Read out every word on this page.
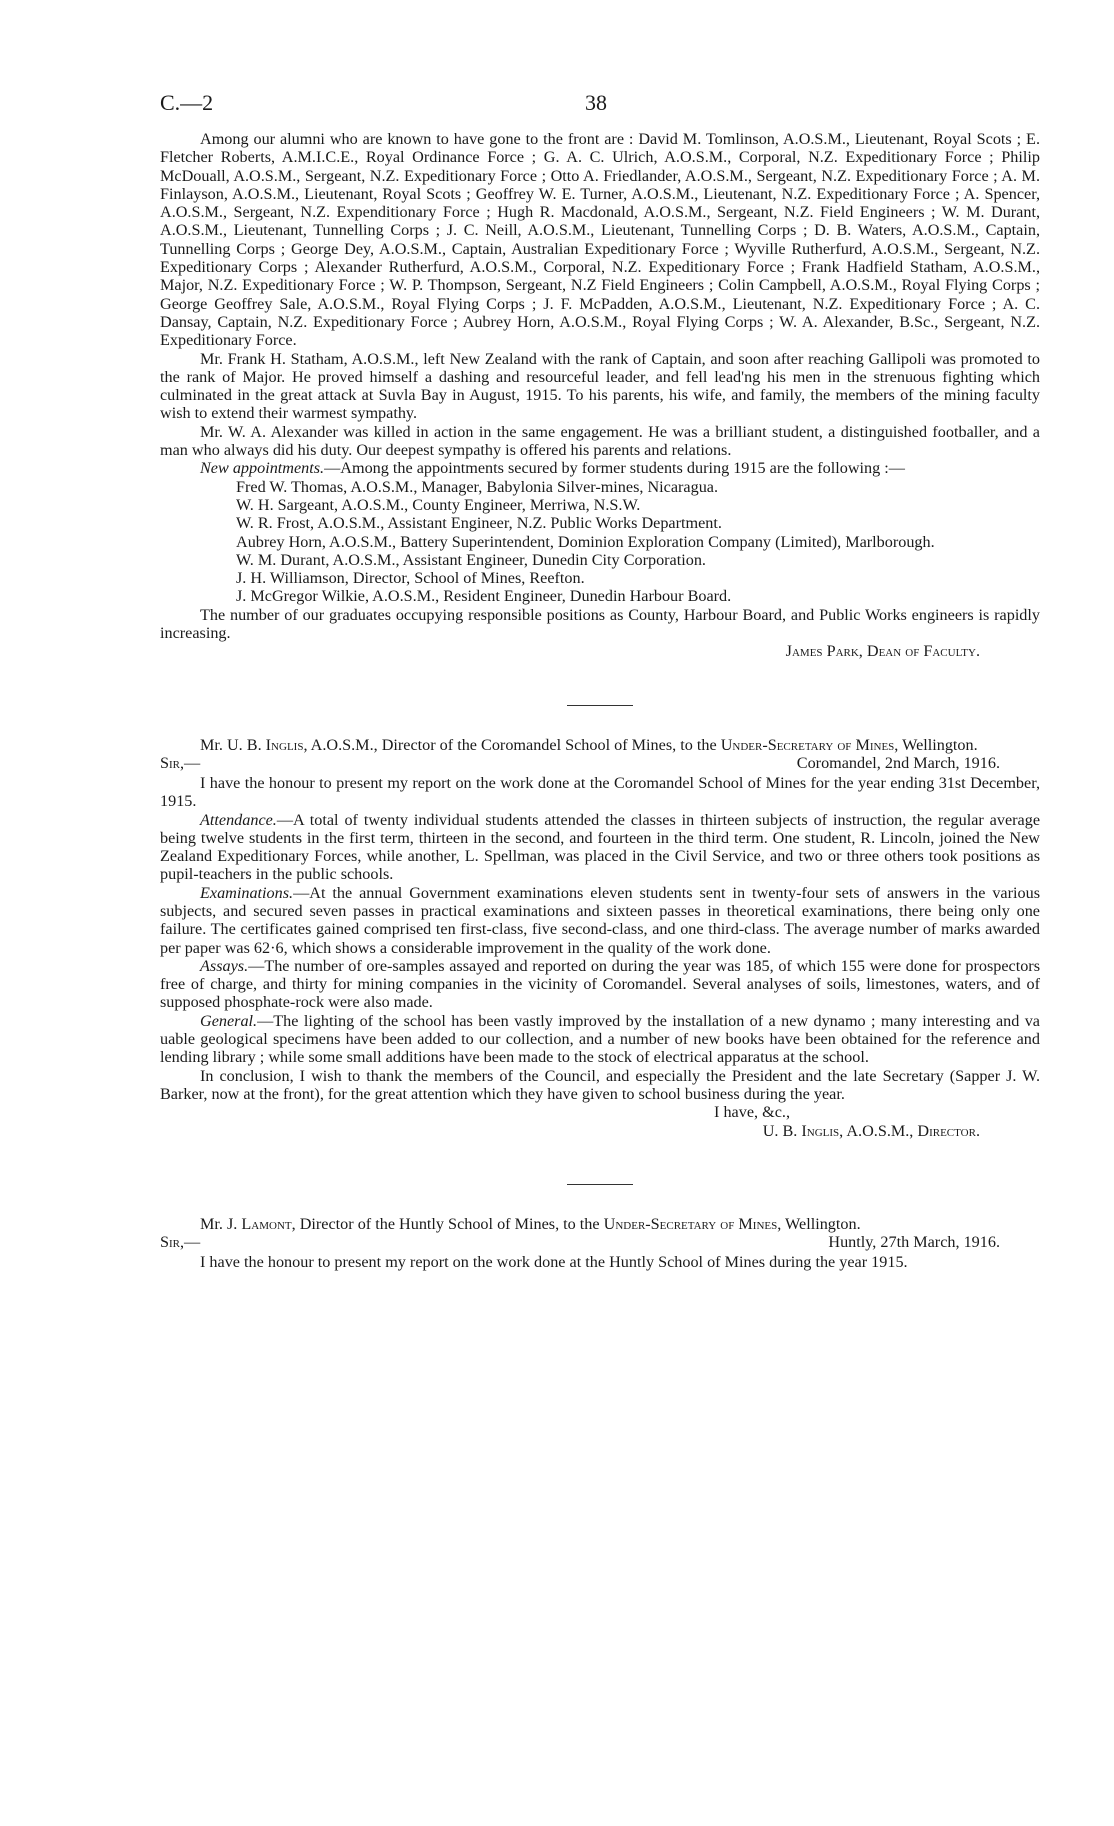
C.—2	38

Among our alumni who are known to have gone to the front are : David M. Tomlinson, A.O.S.M., Lieutenant, Royal Scots ; E. Fletcher Roberts, A.M.I.C.E., Royal Ordinance Force ; G. A. C. Ulrich, A.O.S.M., Corporal, N.Z. Expeditionary Force ; Philip McDouall, A.O.S.M., Sergeant, N.Z. Expeditionary Force ; Otto A. Friedlander, A.O.S.M., Sergeant, N.Z. Expeditionary Force ; A. M. Finlayson, A.O.S.M., Lieutenant, Royal Scots ; Geoffrey W. E. Turner, A.O.S.M., Lieutenant, N.Z. Expeditionary Force ; A. Spencer, A.O.S.M., Sergeant, N.Z. Expenditionary Force ; Hugh R. Macdonald, A.O.S.M., Sergeant, N.Z. Field Engineers ; W. M. Durant, A.O.S.M., Lieutenant, Tunnelling Corps ; J. C. Neill, A.O.S.M., Lieutenant, Tunnelling Corps ; D. B. Waters, A.O.S.M., Captain, Tunnelling Corps ; George Dey, A.O.S.M., Captain, Australian Expeditionary Force ; Wyville Rutherfurd, A.O.S.M., Sergeant, N.Z. Expeditionary Corps ; Alexander Rutherfurd, A.O.S.M., Corporal, N.Z. Expeditionary Force ; Frank Hadfield Statham, A.O.S.M., Major, N.Z. Expeditionary Force ; W. P. Thompson, Sergeant, N.Z Field Engineers ; Colin Campbell, A.O.S.M., Royal Flying Corps ; George Geoffrey Sale, A.O.S.M., Royal Flying Corps ; J. F. McPadden, A.O.S.M., Lieutenant, N.Z. Expeditionary Force ; A. C. Dansay, Captain, N.Z. Expeditionary Force ; Aubrey Horn, A.O.S.M., Royal Flying Corps ; W. A. Alexander, B.Sc., Sergeant, N.Z. Expeditionary Force.

Mr. Frank H. Statham, A.O.S.M., left New Zealand with the rank of Captain, and soon after reaching Gallipoli was promoted to the rank of Major. He proved himself a dashing and resourceful leader, and fell lead'ng his men in the strenuous fighting which culminated in the great attack at Suvla Bay in August, 1915. To his parents, his wife, and family, the members of the mining faculty wish to extend their warmest sympathy.

Mr. W. A. Alexander was killed in action in the same engagement. He was a brilliant student, a distinguished footballer, and a man who always did his duty. Our deepest sympathy is offered his parents and relations.

New appointments.—Among the appointments secured by former students during 1915 are the following :—

Fred W. Thomas, A.O.S.M., Manager, Babylonia Silver-mines, Nicaragua.

W. H. Sargeant, A.O.S.M., County Engineer, Merriwa, N.S.W.

W. R. Frost, A.O.S.M., Assistant Engineer, N.Z. Public Works Department.

Aubrey Horn, A.O.S.M., Battery Superintendent, Dominion Exploration Company (Limited), Marlborough.

W. M. Durant, A.O.S.M., Assistant Engineer, Dunedin City Corporation.

J. H. Williamson, Director, School of Mines, Reefton.

J. McGregor Wilkie, A.O.S.M., Resident Engineer, Dunedin Harbour Board.

The number of our graduates occupying responsible positions as County, Harbour Board, and Public Works engineers is rapidly increasing.

James Park, Dean of Faculty.

Mr. U. B. Inglis, A.O.S.M., Director of the Coromandel School of Mines, to the Under-Secretary of Mines, Wellington.

Sir,—	Coromandel, 2nd March, 1916.

I have the honour to present my report on the work done at the Coromandel School of Mines for the year ending 31st December, 1915.

Attendance.—A total of twenty individual students attended the classes in thirteen subjects of instruction, the regular average being twelve students in the first term, thirteen in the second, and fourteen in the third term. One student, R. Lincoln, joined the New Zealand Expeditionary Forces, while another, L. Spellman, was placed in the Civil Service, and two or three others took positions as pupil-teachers in the public schools.

Examinations.—At the annual Government examinations eleven students sent in twenty-four sets of answers in the various subjects, and secured seven passes in practical examinations and sixteen passes in theoretical examinations, there being only one failure. The certificates gained comprised ten first-class, five second-class, and one third-class. The average number of marks awarded per paper was 62·6, which shows a considerable improvement in the quality of the work done.

Assays.—The number of ore-samples assayed and reported on during the year was 185, of which 155 were done for prospectors free of charge, and thirty for mining companies in the vicinity of Coromandel. Several analyses of soils, limestones, waters, and of supposed phosphate-rock were also made.

General.—The lighting of the school has been vastly improved by the installation of a new dynamo ; many interesting and va uable geological specimens have been added to our collection, and a number of new books have been obtained for the reference and lending library ; while some small additions have been made to the stock of electrical apparatus at the school.

In conclusion, I wish to thank the members of the Council, and especially the President and the late Secretary (Sapper J. W. Barker, now at the front), for the great attention which they have given to school business during the year.

I have, &c.,

U. B. Inglis, A.O.S.M., Director.

Mr. J. Lamont, Director of the Huntly School of Mines, to the Under-Secretary of Mines, Wellington.

Sir,—	Huntly, 27th March, 1916.

I have the honour to present my report on the work done at the Huntly School of Mines during the year 1915.
